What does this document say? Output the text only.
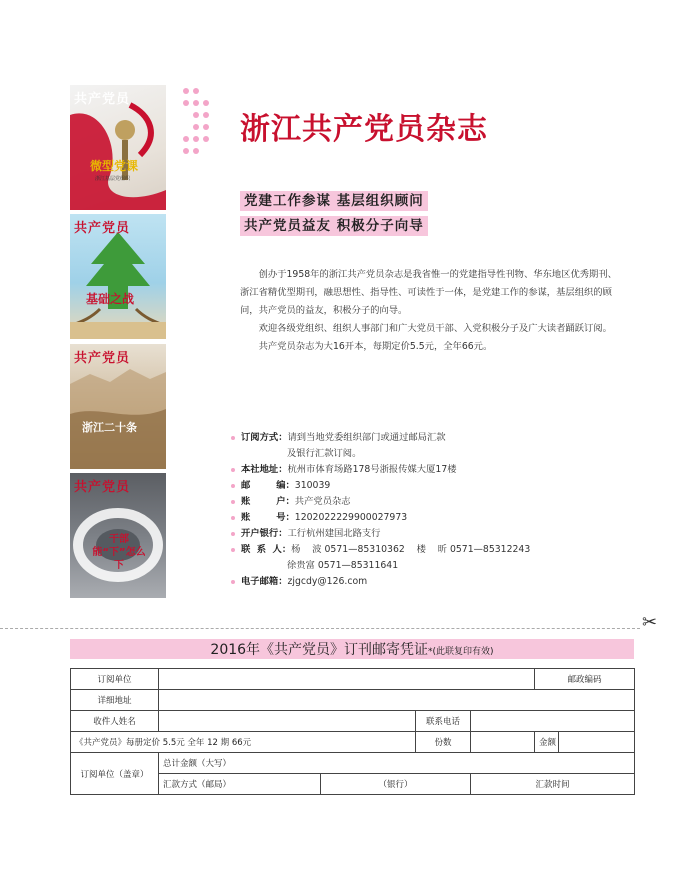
共产党员
微型党课
浙江基层党组织
共产党员
基础之战
共产党员
浙江二十条
共产党员
干部能“下”怎么下
浙江共产党员杂志
党建工作参谋 基层组织顾问
共产党员益友 积极分子向导

创办于1958年的浙江共产党员杂志是我省惟一的党建指导性刊物、华东地区优秀期刊、浙江省精优型期刊，融思想性、指导性、可读性于一体，是党建工作的参谋，基层组织的顾问，共产党员的益友，积极分子的向导。

欢迎各级党组织、组织人事部门和广大党员干部、入党积极分子及广大读者踊跃订阅。

共产党员杂志为大16开本，每期定价5.5元，全年66元。

订阅方式：请到当地党委组织部门或通过邮局汇款
及银行汇款订阅。
本社地址：杭州市体育场路178号浙报传媒大厦17楼
邮        编：310039
账        户：共产党员杂志
账        号：1202022229900027973
开户银行：工行杭州建国北路支行
联  系  人：杨    波 0571—85310362    楼    昕 0571—85312243
徐贵富 0571—85311641
电子邮箱：zjgcdy@126.com
✂
2016年《共产党员》订刊邮寄凭证*(此联复印有效)
订阅单位					邮政编码	
详细地址						
收件人姓名			联系电话			
《共产党员》每册定价 5.5元 全年 12 期 66元			份数		金额	
订阅单位（盖章）	总计金额（大写）					
	汇款方式（邮局）	（银行）		汇款时间		
